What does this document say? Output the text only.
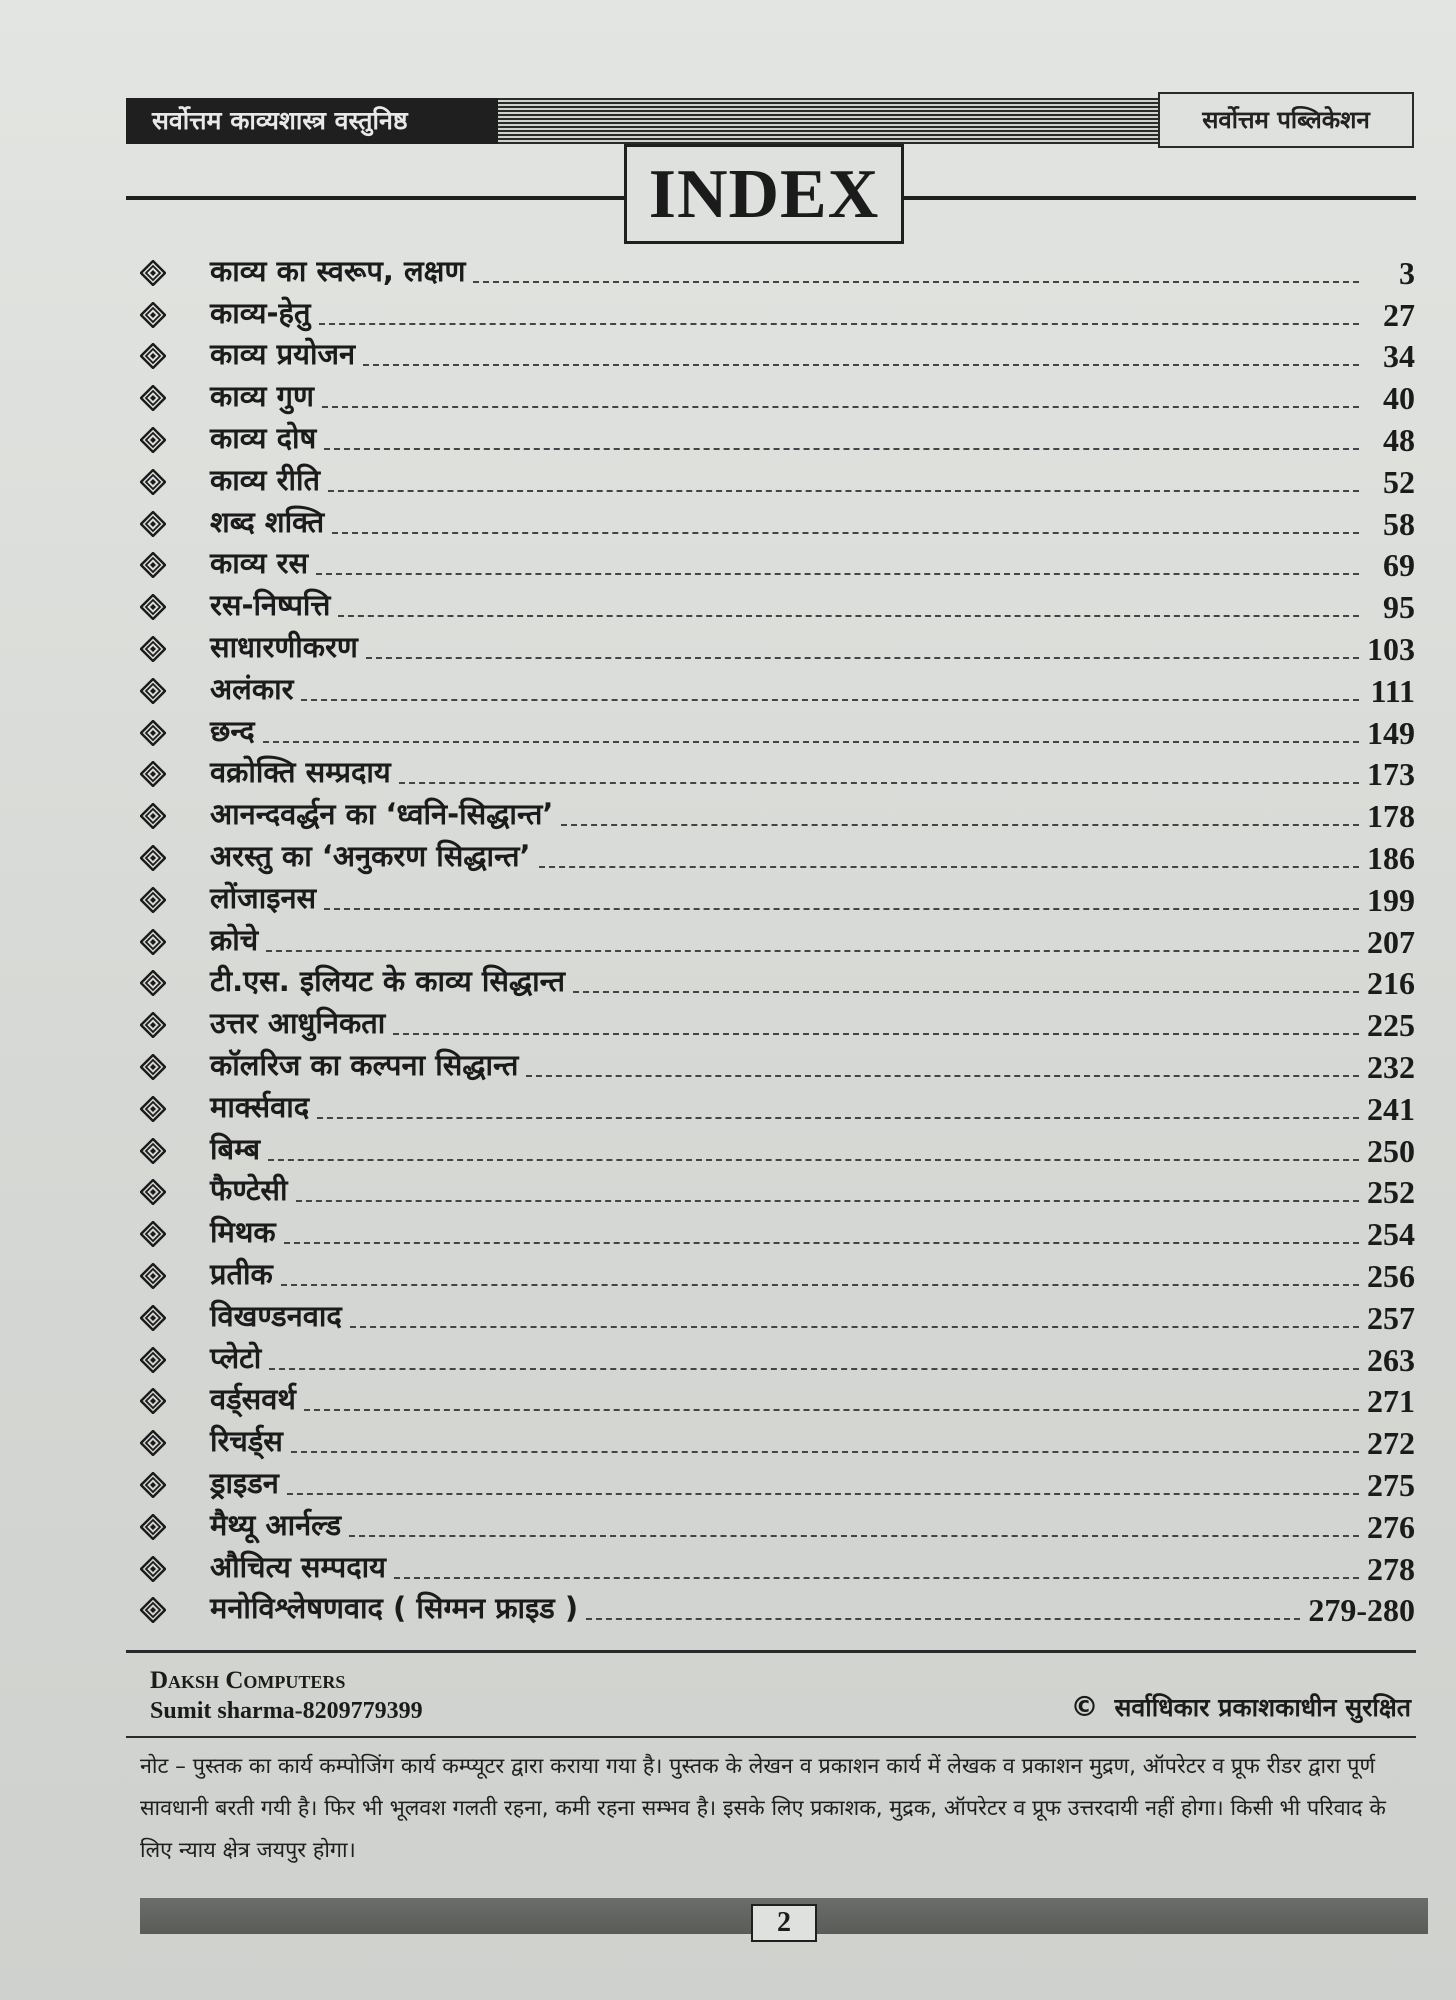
सर्वोत्तम काव्यशास्त्र वस्तुनिष्ठ	सर्वोत्तम पब्लिकेशन
INDEX
काव्य का स्वरूप, लक्षण	3
काव्य-हेतु	27
काव्य प्रयोजन	34
काव्य गुण	40
काव्य दोष	48
काव्य रीति	52
शब्द शक्ति	58
काव्य रस	69
रस-निष्पत्ति	95
साधारणीकरण	103
अलंकार	111
छन्द	149
वक्रोक्ति सम्प्रदाय	173
आनन्दवर्द्धन का ‘ध्वनि-सिद्धान्त’	178
अरस्तु का ‘अनुकरण सिद्धान्त’	186
लोंजाइनस	199
क्रोचे	207
टी.एस. इलियट के काव्य सिद्धान्त	216
उत्तर आधुनिकता	225
कॉलरिज का कल्पना सिद्धान्त	232
मार्क्सवाद	241
बिम्ब	250
फैण्टेसी	252
मिथक	254
प्रतीक	256
विखण्डनवाद	257
प्लेटो	263
वर्ड्सवर्थ	271
रिचर्ड्स	272
ड्राइडन	275
मैथ्यू आर्नल्ड	276
औचित्य सम्पदाय	278
मनोविश्लेषणवाद ( सिग्मन फ्राइड )	279-280
Daksh Computers
Sumit sharma-8209779399	© सर्वाधिकार प्रकाशकाधीन सुरक्षित
नोट – पुस्तक का कार्य कम्पोजिंग कार्य कम्प्यूटर द्वारा कराया गया है। पुस्तक के लेखन व प्रकाशन कार्य में लेखक व प्रकाशन मुद्रण, ऑपरेटर व प्रूफ रीडर द्वारा पूर्ण सावधानी बरती गयी है। फिर भी भूलवश गलती रहना, कमी रहना सम्भव है। इसके लिए प्रकाशक, मुद्रक, ऑपरेटर व प्रूफ उत्तरदायी नहीं होगा। किसी भी परिवाद के लिए न्याय क्षेत्र जयपुर होगा।
2
